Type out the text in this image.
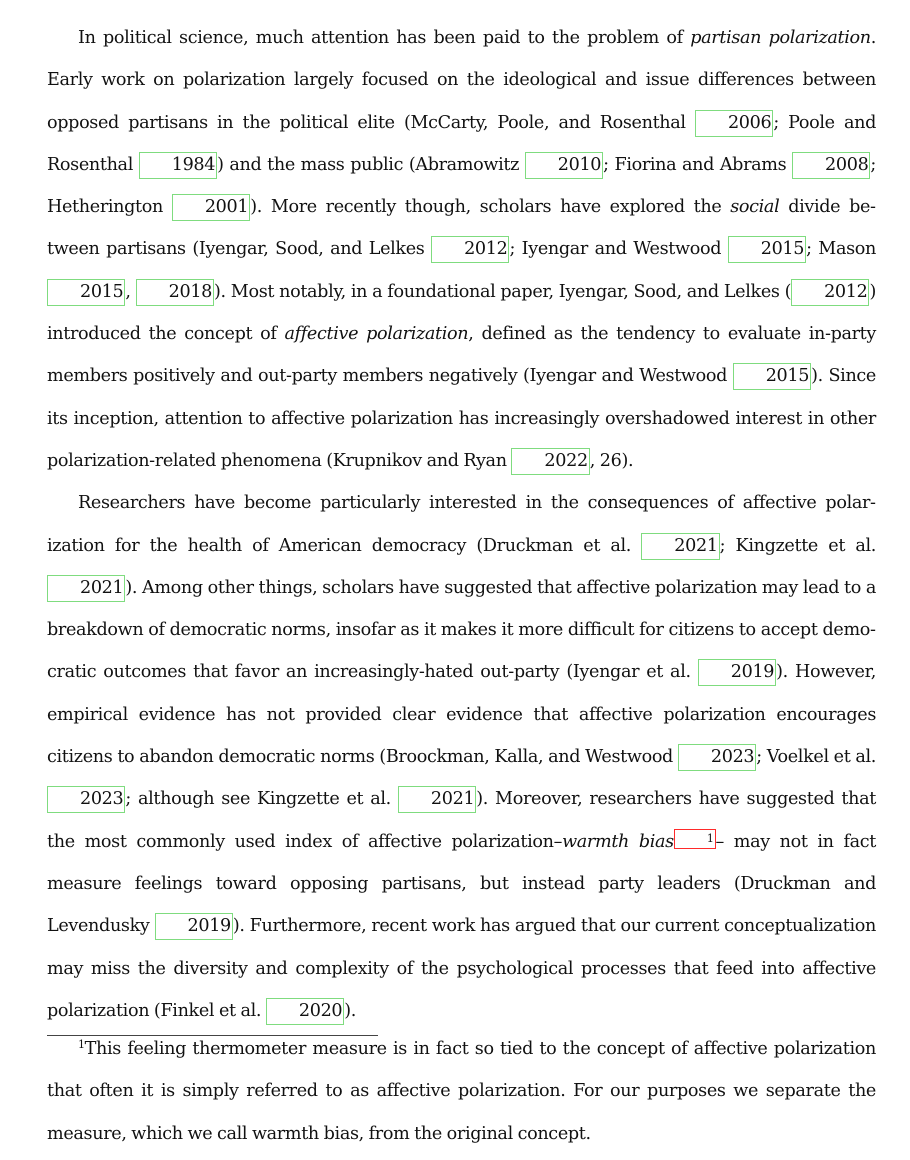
In political science, much attention has been paid to the problem of partisan polarization. Early work on polarization largely focused on the ideological and issue differences between opposed partisans in the political elite (McCarty, Poole, and Rosenthal 2006 ; Poole and Rosenthal 1984 ) and the mass public (Abramowitz 2010 ; Fiorina and Abrams 2008 ; Hetherington 2001 ). More recently though, scholars have explored the social divide between partisans (Iyengar, Sood, and Lelkes 2012 ; Iyengar and Westwood 2015 ; Mason 2015 , 2018 ). Most notably, in a foundational paper, Iyengar, Sood, and Lelkes ( 2012 ) introduced the concept of affective polarization, defined as the tendency to evaluate in-party members positively and out-party members negatively (Iyengar and Westwood 2015 ). Since its inception, attention to affective polarization has increasingly overshadowed interest in other polarization-related phenomena (Krupnikov and Ryan 2022 , 26).

Researchers have become particularly interested in the consequences of affective polarization for the health of American democracy (Druckman et al. 2021 ; Kingzette et al. 2021 ). Among other things, scholars have suggested that affective polarization may lead to a breakdown of democratic norms, insofar as it makes it more difficult for citizens to accept democratic outcomes that favor an increasingly-hated out-party (Iyengar et al. 2019 ). However, empirical evidence has not provided clear evidence that affective polarization encourages citizens to abandon democratic norms (Broockman, Kalla, and Westwood 2023 ; Voelkel et al. 2023 ; although see Kingzette et al. 2021 ). Moreover, researchers have suggested that the most commonly used index of affective polarization–warmth bias	1 – may not in fact measure feelings toward opposing partisans, but instead party leaders (Druckman and Levendusky 2019 ). Furthermore, recent work has argued that our current conceptualization may miss the diversity and complexity of the psychological processes that feed into affective polarization (Finkel et al. 2020 ).

$^1$This feeling thermometer measure is in fact so tied to the concept of affective polarization that often it is simply referred to as affective polarization. For our purposes we separate the measure, which we call warmth bias, from the original concept.
